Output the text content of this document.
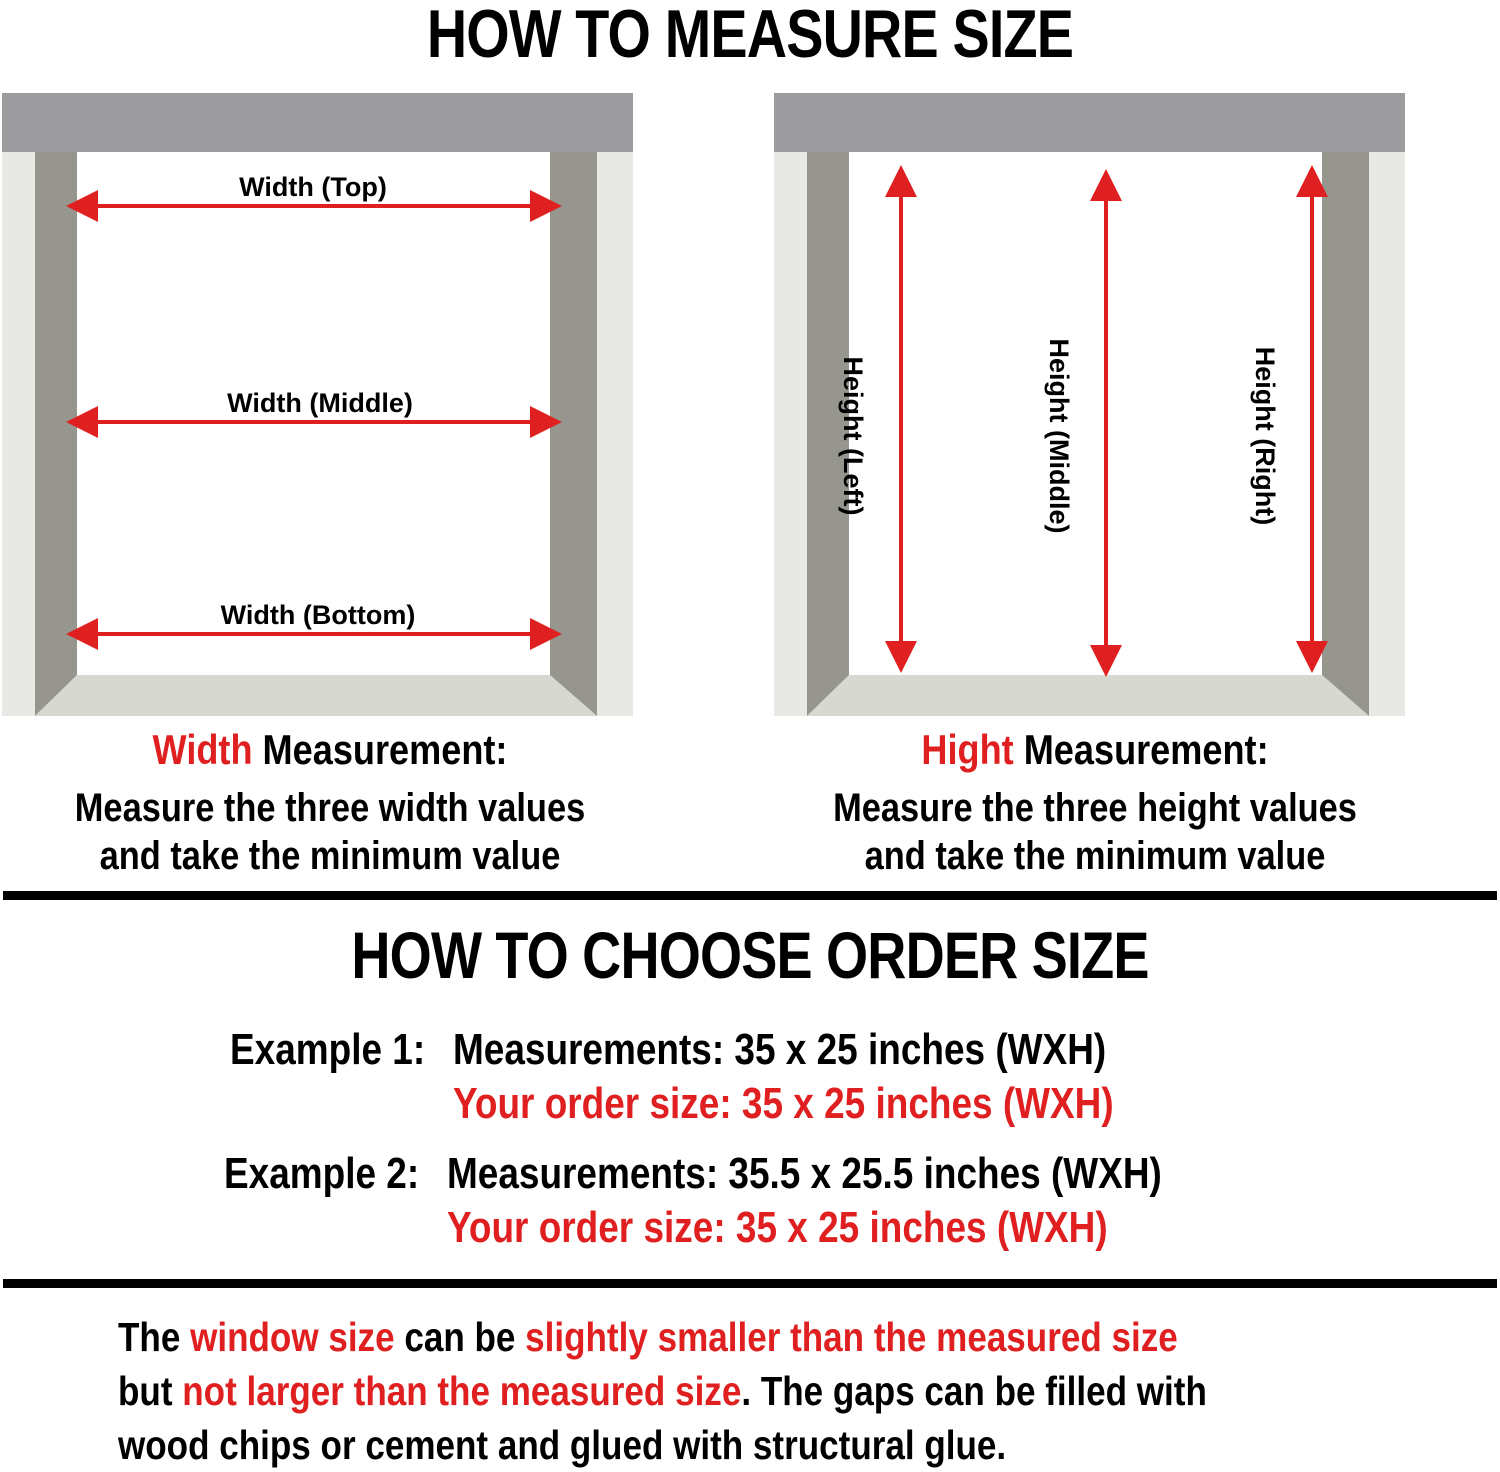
HOW TO MEASURE SIZE
Width (Top)
Width (Middle)
Width (Bottom)
Height (Left)	Height (Middle)	Height (Right)
Width Measurement:
Measure the three width values
and take the minimum value
Hight Measurement:
Measure the three height values
and take the minimum value
HOW TO CHOOSE ORDER SIZE
Example 1: Measurements: 35 x 25 inches (WXH)
Your order size: 35 x 25 inches (WXH)
Example 2: Measurements: 35.5 x 25.5 inches (WXH)
Your order size: 35 x 25 inches (WXH)
The window size can be slightly smaller than the measured size
but not larger than the measured size. The gaps can be filled with
wood chips or cement and glued with structural glue.
